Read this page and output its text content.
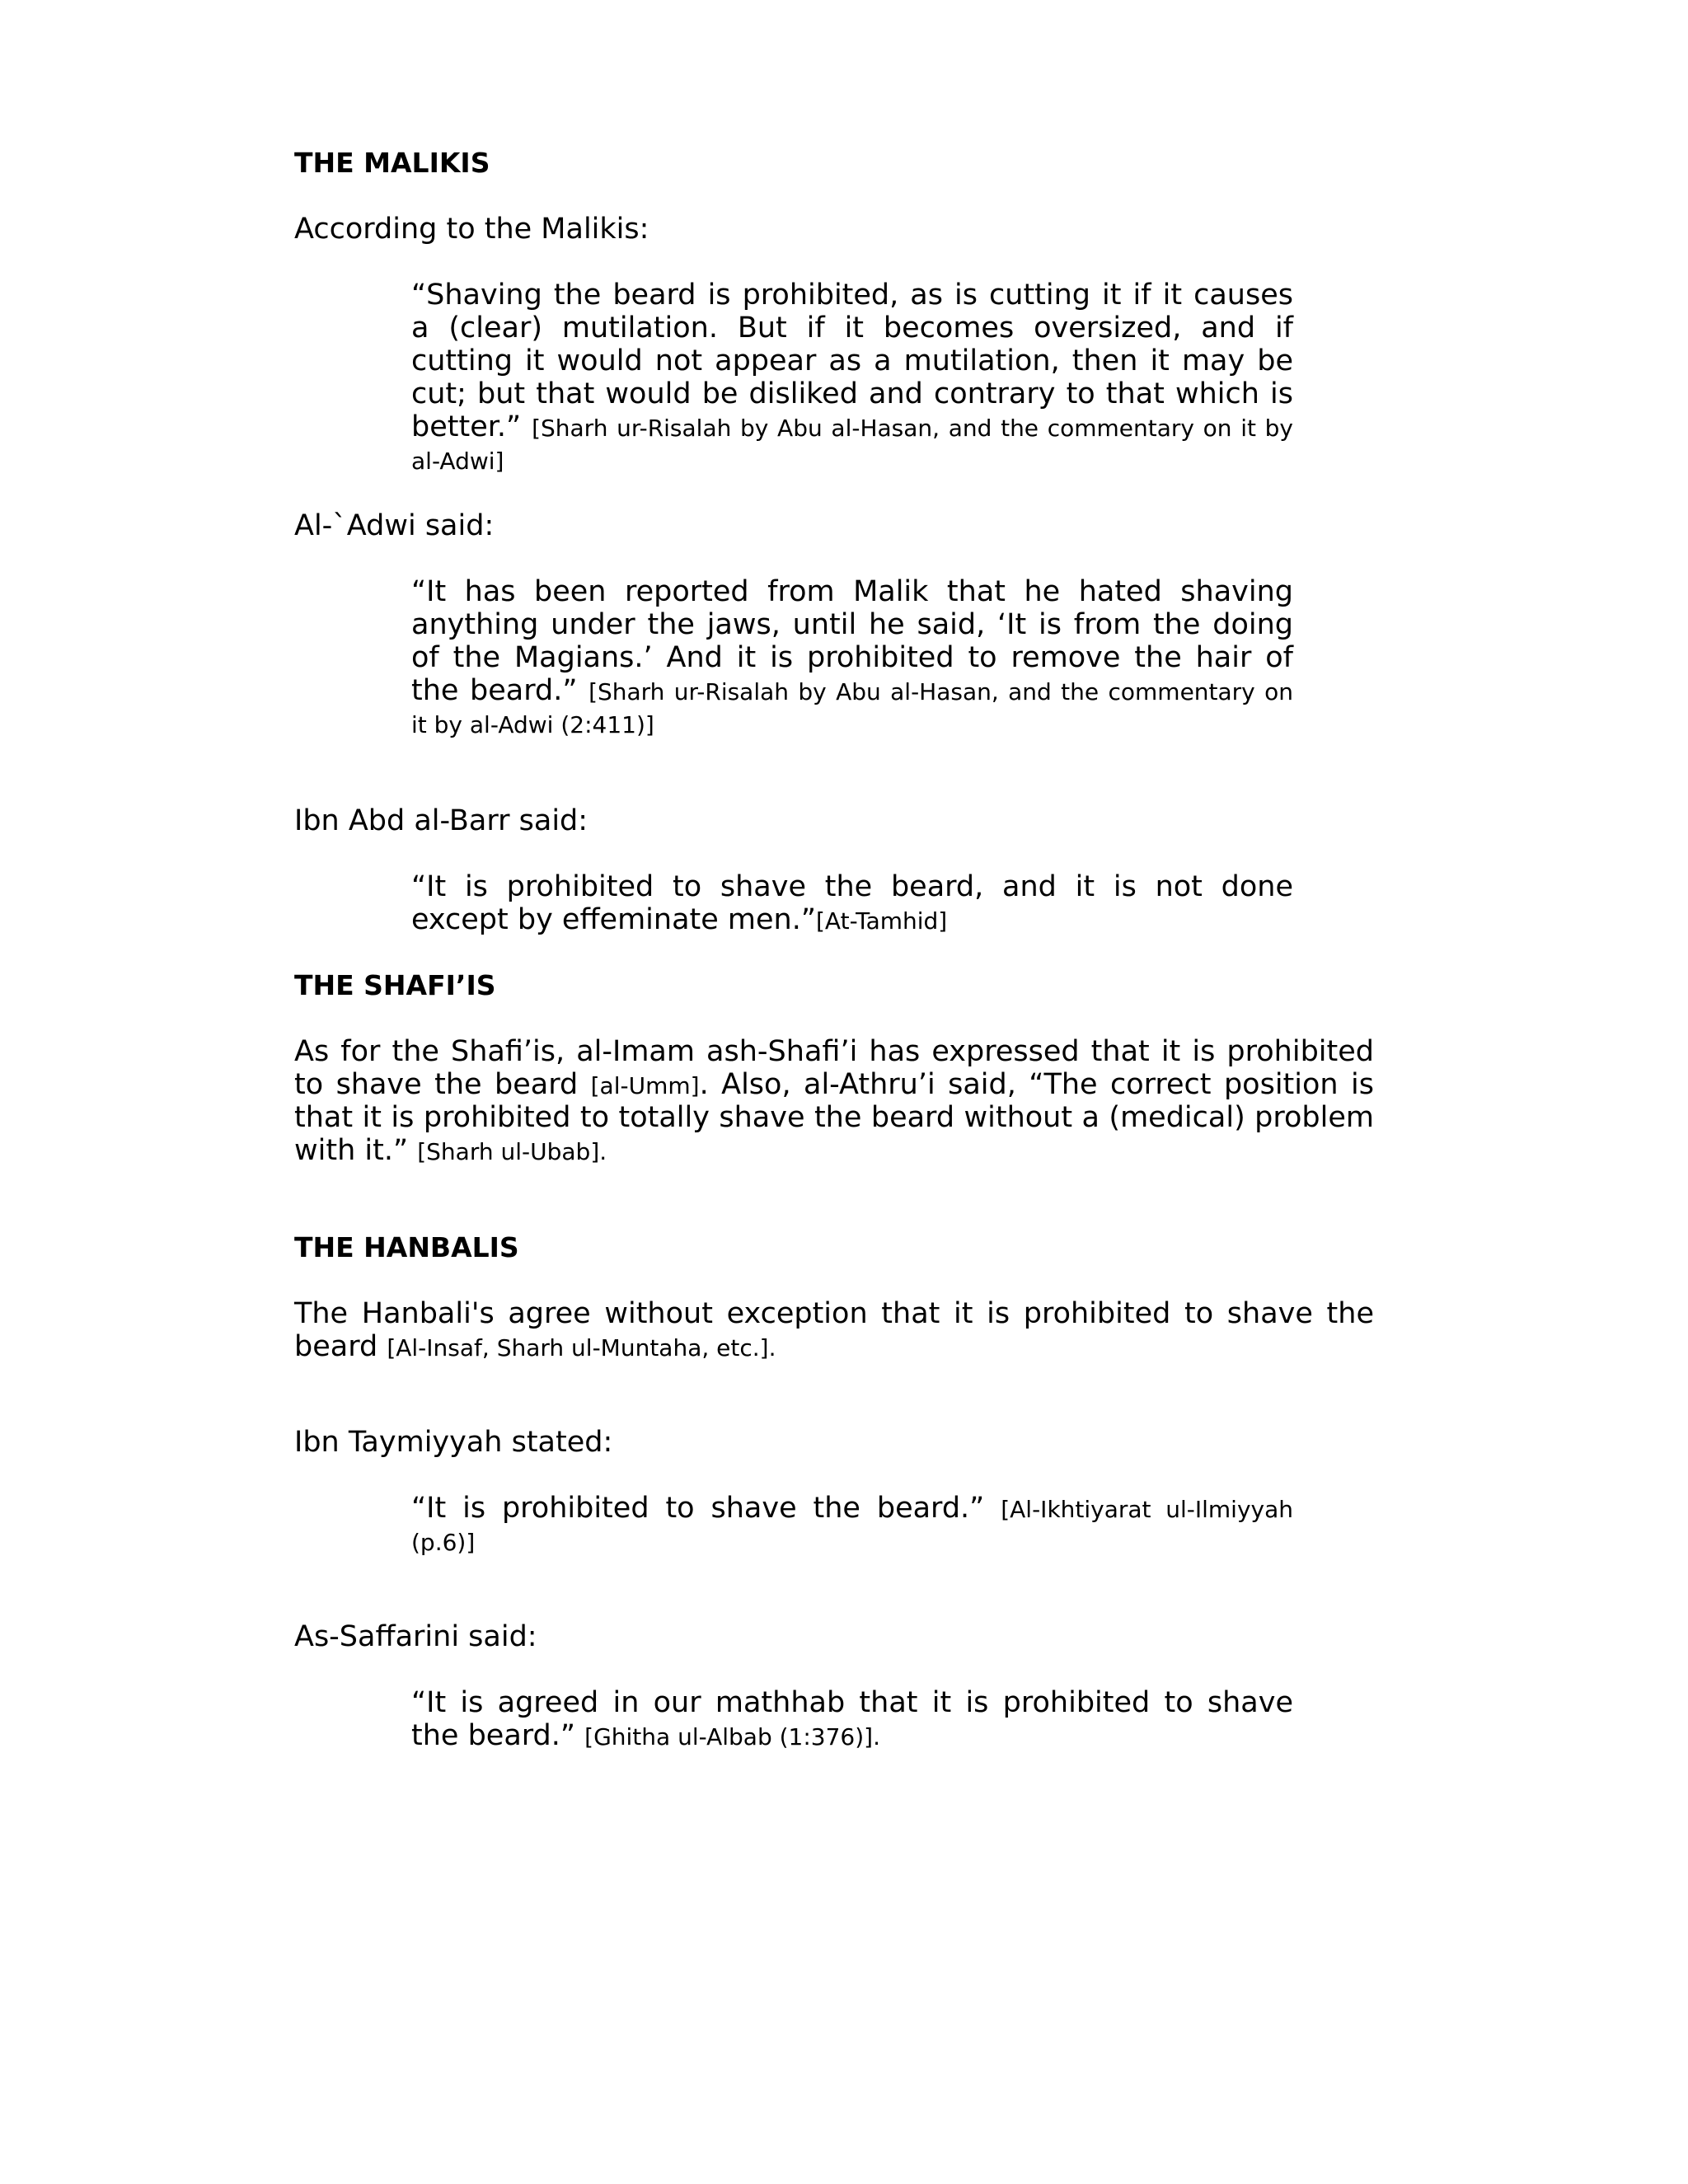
THE MALIKIS

According to the Malikis:

“Shaving the beard is prohibited, as is cutting it if it causes a (clear) mutilation. But if it becomes oversized, and if cutting it would not appear as a mutilation, then it may be cut; but that would be disliked and contrary to that which is better.” [Sharh ur-Risalah by Abu al-Hasan, and the commentary on it by al-Adwi]

Al-`Adwi said:

“It has been reported from Malik that he hated shaving anything under the jaws, until he said, ‘It is from the doing of the Magians.’ And it is prohibited to remove the hair of the beard.” [Sharh ur-Risalah by Abu al-Hasan, and the commentary on it by al-Adwi (2:411)]

Ibn Abd al-Barr said:

“It is prohibited to shave the beard, and it is not done except by effeminate men.”[At-Tamhid]

THE SHAFI’IS

As for the Shafi’is, al-Imam ash-Shafi’i has expressed that it is prohibited to shave the beard [al-Umm]. Also, al-Athru’i said, “The correct position is that it is prohibited to totally shave the beard without a (medical) problem with it.” [Sharh ul-Ubab].

THE HANBALIS

The Hanbali's agree without exception that it is prohibited to shave the beard [Al-Insaf, Sharh ul-Muntaha, etc.].

Ibn Taymiyyah stated:

“It is prohibited to shave the beard.” [Al-Ikhtiyarat ul-Ilmiyyah (p.6)]

As-Saffarini said:

“It is agreed in our mathhab that it is prohibited to shave the beard.” [Ghitha ul-Albab (1:376)].
